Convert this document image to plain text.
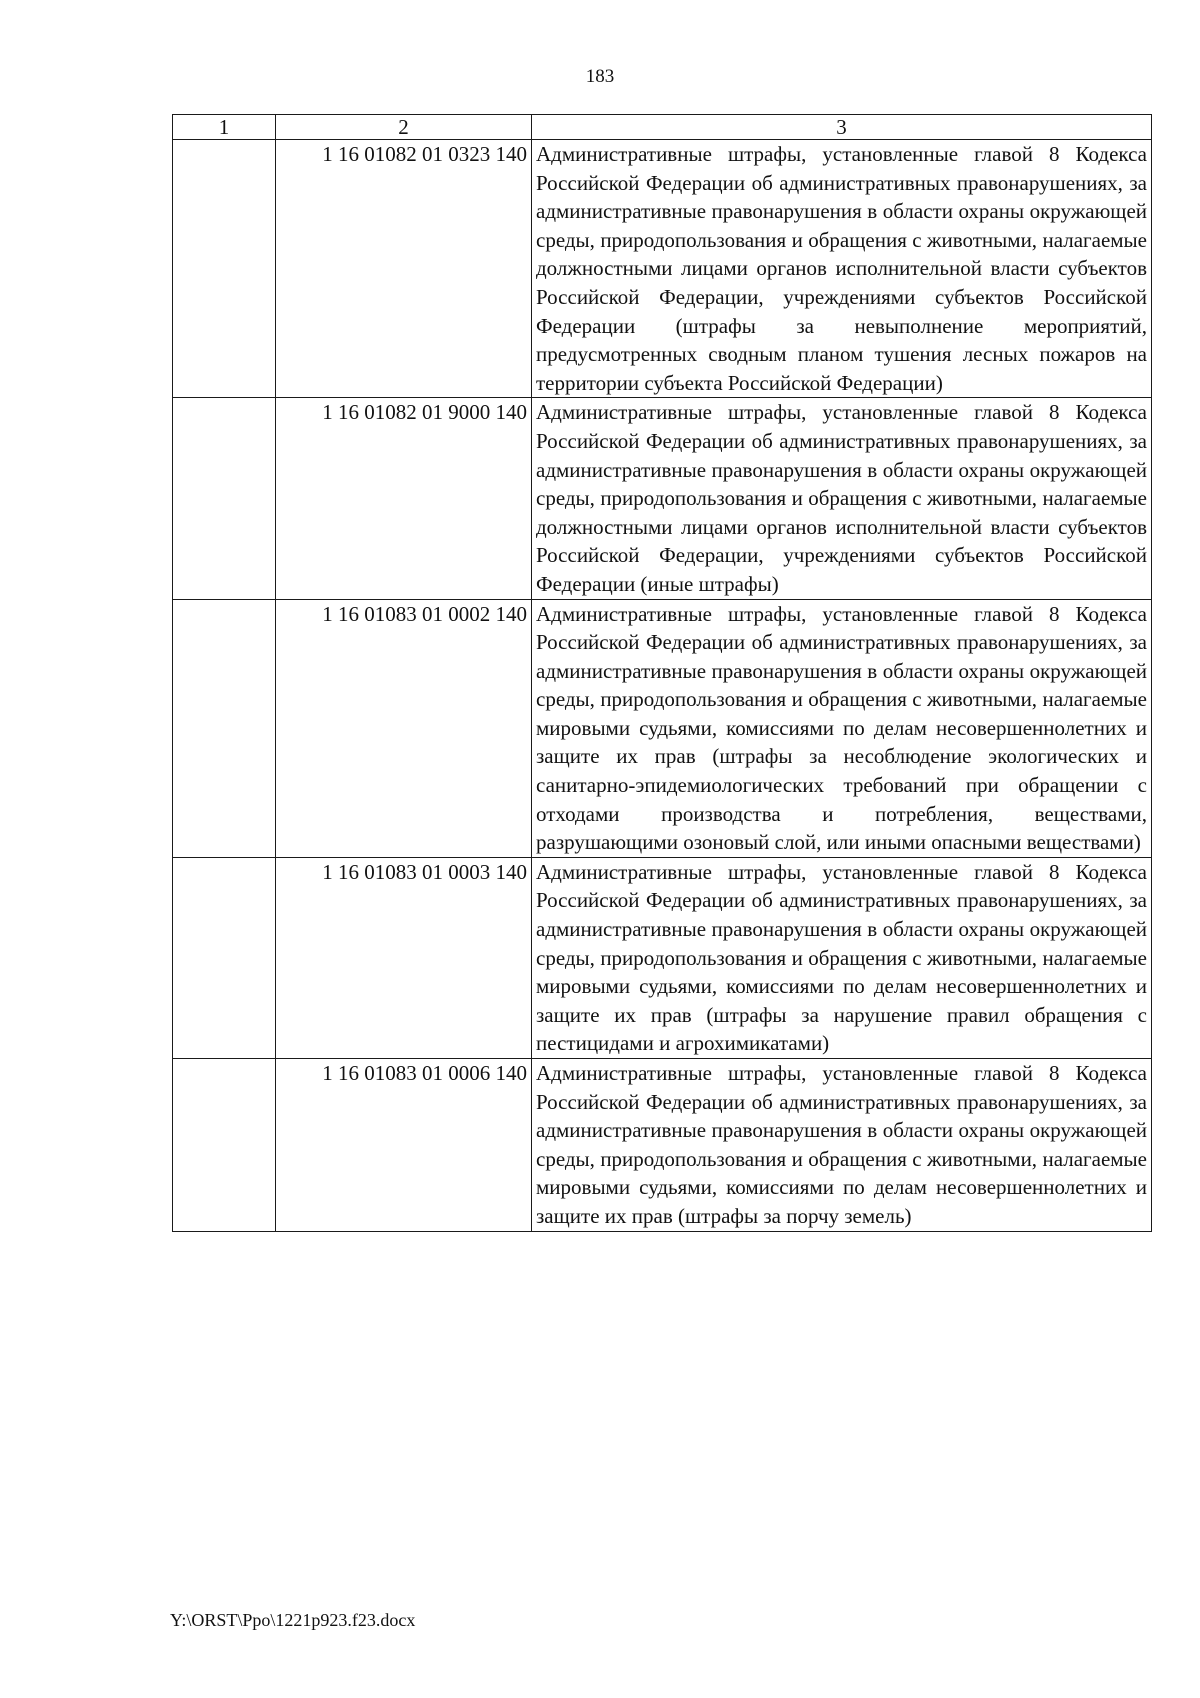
183
1	2	3
	1 16 01082 01 0323 140	Административные штрафы, установленные главой 8 Кодекса Российской Федерации об административных правонарушениях, за административные правонарушения в области охраны окружающей среды, природопользования и обращения с животными, налагаемые должностными лицами органов исполнительной власти субъектов Российской Федерации, учреждениями субъектов Российской Федерации (штрафы за невыполнение мероприятий, предусмотренных сводным планом тушения лесных пожаров на территории субъекта Российской Федерации)
	1 16 01082 01 9000 140	Административные штрафы, установленные главой 8 Кодекса Российской Федерации об административных правонарушениях, за административные правонарушения в области охраны окружающей среды, природопользования и обращения с животными, налагаемые должностными лицами органов исполнительной власти субъектов Российской Федерации, учреждениями субъектов Российской Федерации (иные штрафы)
	1 16 01083 01 0002 140	Административные штрафы, установленные главой 8 Кодекса Российской Федерации об административных правонарушениях, за административные правонарушения в области охраны окружающей среды, природопользования и обращения с животными, налагаемые мировыми судьями, комиссиями по делам несовершеннолетних и защите их прав (штрафы за несоблюдение экологических и санитарно-эпидемиологических требований при обращении с отходами производства и потребления, веществами, разрушающими озоновый слой, или иными опасными веществами)
	1 16 01083 01 0003 140	Административные штрафы, установленные главой 8 Кодекса Российской Федерации об административных правонарушениях, за административные правонарушения в области охраны окружающей среды, природопользования и обращения с животными, налагаемые мировыми судьями, комиссиями по делам несовершеннолетних и защите их прав (штрафы за нарушение правил обращения с пестицидами и агрохимикатами)
	1 16 01083 01 0006 140	Административные штрафы, установленные главой 8 Кодекса Российской Федерации об административных правонарушениях, за административные правонарушения в области охраны окружающей среды, природопользования и обращения с животными, налагаемые мировыми судьями, комиссиями по делам несовершеннолетних и защите их прав (штрафы за порчу земель)
Y:\ORST\Ppo\1221p923.f23.docx
